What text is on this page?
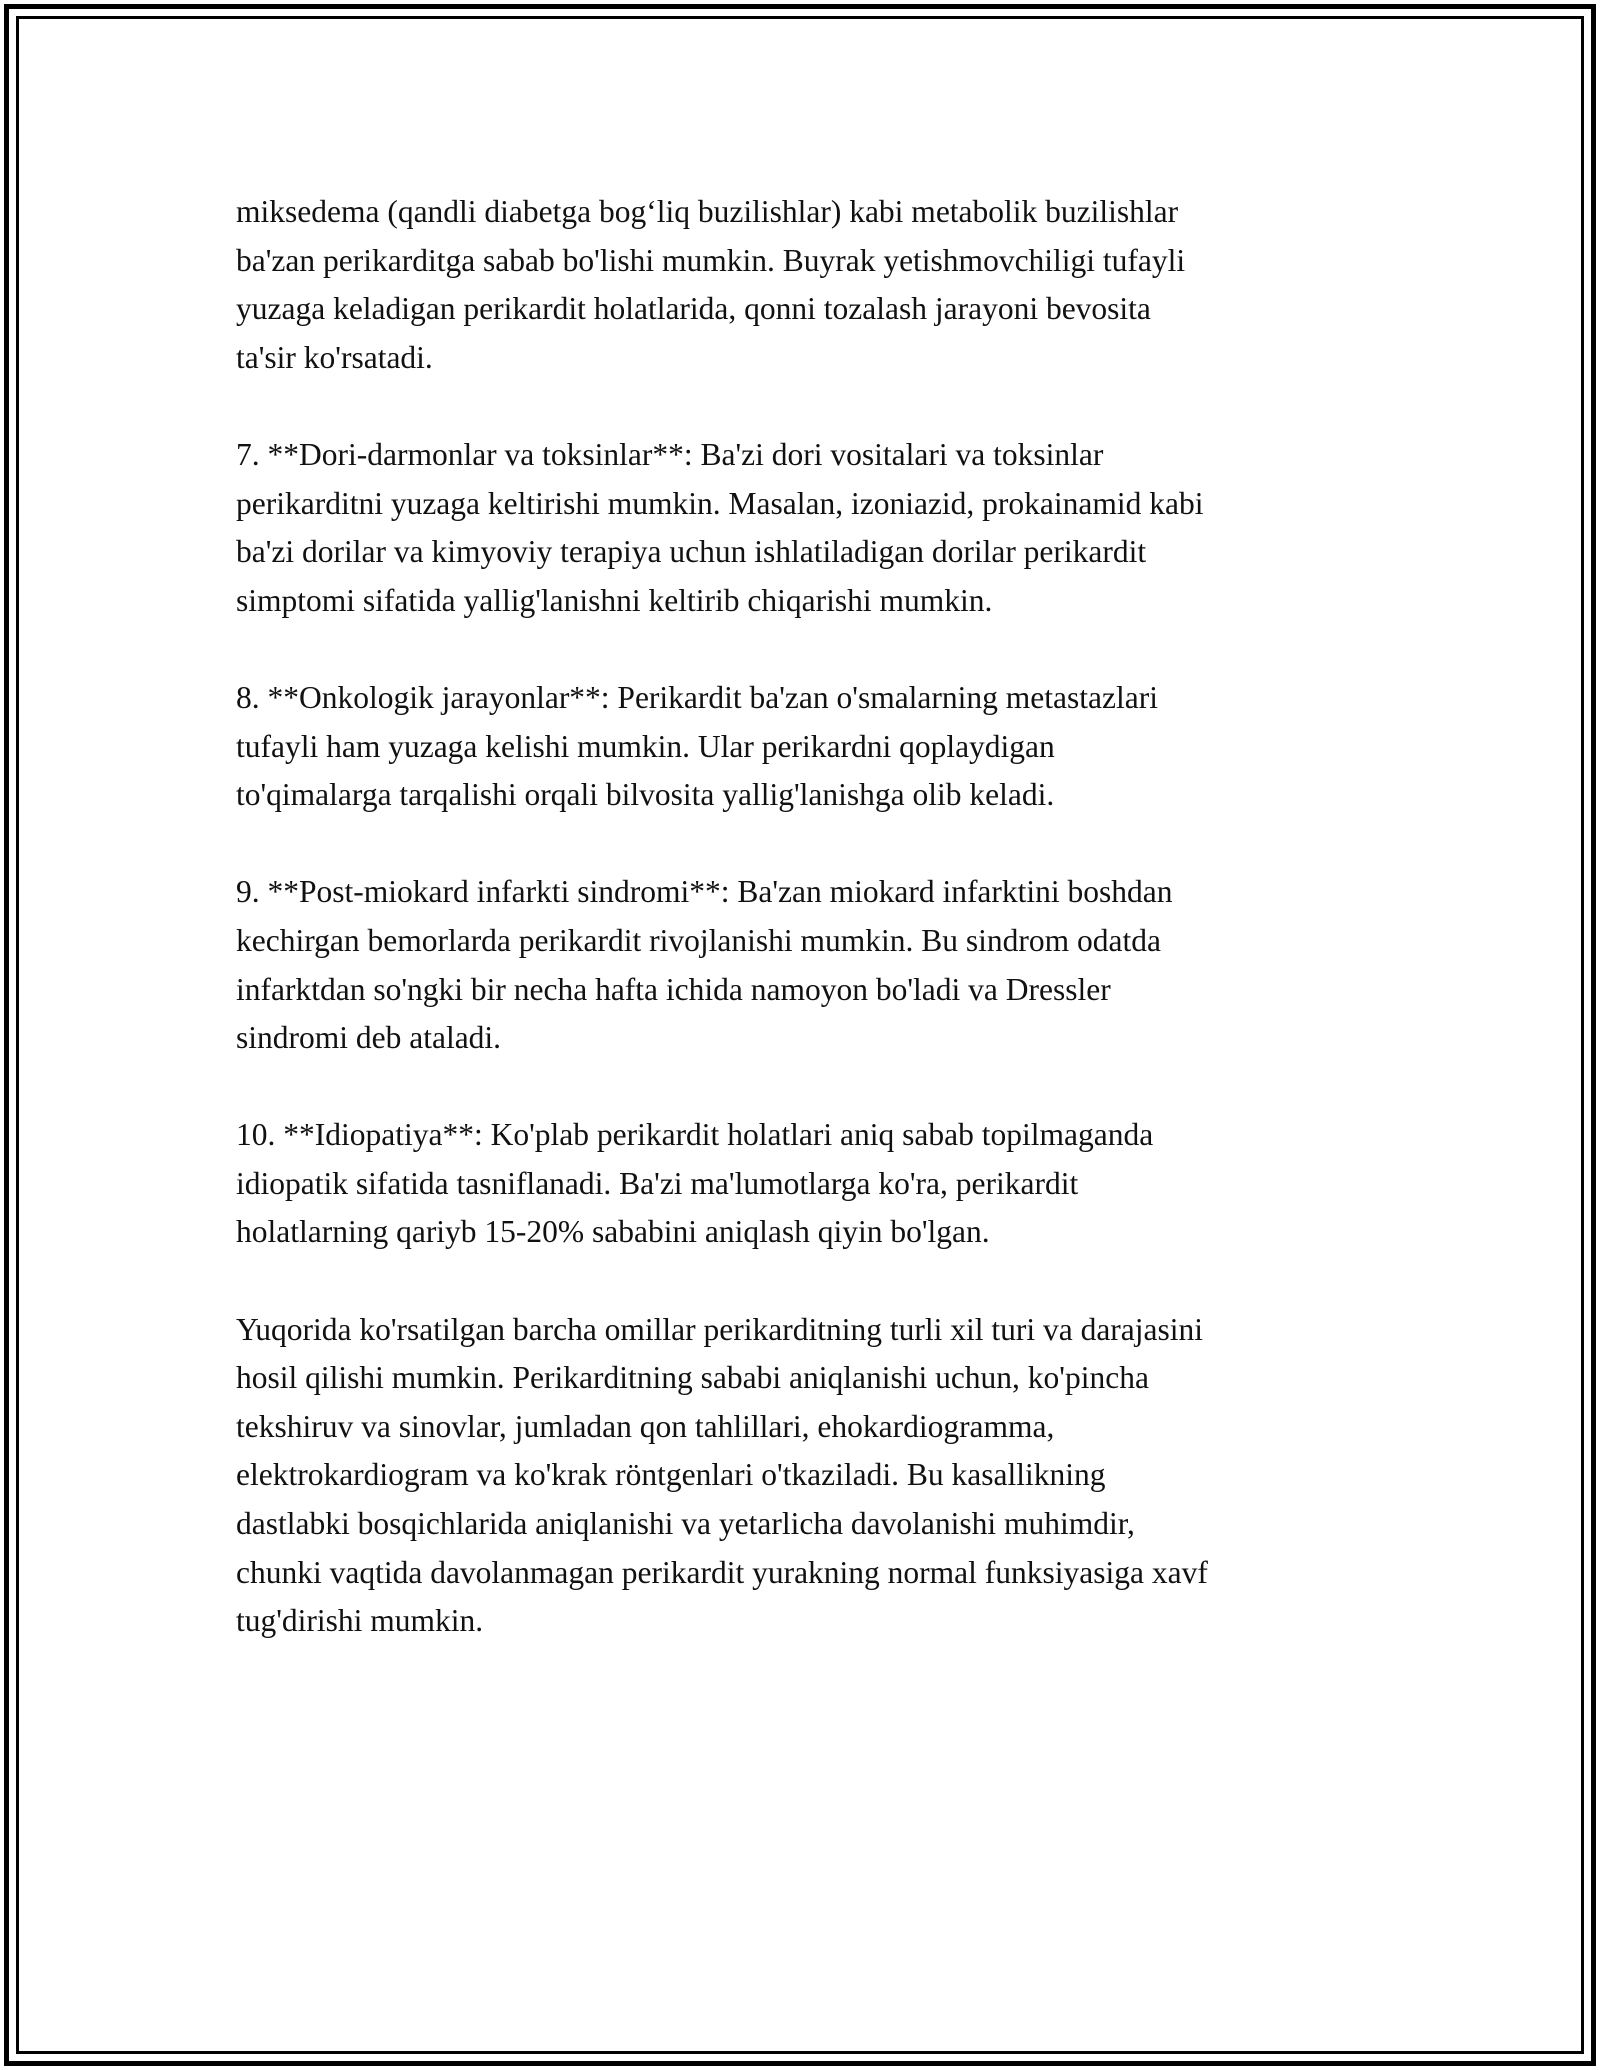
miksedema (qandli diabetga bog‘liq buzilishlar) kabi metabolik buzilishlar
ba'zan perikarditga sabab bo'lishi mumkin. Buyrak yetishmovchiligi tufayli
yuzaga keladigan perikardit holatlarida, qonni tozalash jarayoni bevosita
ta'sir ko'rsatadi.

7. **Dori-darmonlar va toksinlar**: Ba'zi dori vositalari va toksinlar
perikarditni yuzaga keltirishi mumkin. Masalan, izoniazid, prokainamid kabi
ba'zi dorilar va kimyoviy terapiya uchun ishlatiladigan dorilar perikardit
simptomi sifatida yallig'lanishni keltirib chiqarishi mumkin.

8. **Onkologik jarayonlar**: Perikardit ba'zan o'smalarning metastazlari
tufayli ham yuzaga kelishi mumkin. Ular perikardni qoplaydigan
to'qimalarga tarqalishi orqali bilvosita yallig'lanishga olib keladi.

9. **Post-miokard infarkti sindromi**: Ba'zan miokard infarktini boshdan
kechirgan bemorlarda perikardit rivojlanishi mumkin. Bu sindrom odatda
infarktdan so'ngki bir necha hafta ichida namoyon bo'ladi va Dressler
sindromi deb ataladi.

10. **Idiopatiya**: Ko'plab perikardit holatlari aniq sabab topilmaganda
idiopatik sifatida tasniflanadi. Ba'zi ma'lumotlarga ko'ra, perikardit
holatlarning qariyb 15-20% sababini aniqlash qiyin bo'lgan.

Yuqorida ko'rsatilgan barcha omillar perikarditning turli xil turi va darajasini
hosil qilishi mumkin. Perikarditning sababi aniqlanishi uchun, ko'pincha
tekshiruv va sinovlar, jumladan qon tahlillari, ehokardiogramma,
elektrokardiogram va ko'krak röntgenlari o'tkaziladi. Bu kasallikning
dastlabki bosqichlarida aniqlanishi va yetarlicha davolanishi muhimdir,
chunki vaqtida davolanmagan perikardit yurakning normal funksiyasiga xavf
tug'dirishi mumkin.
